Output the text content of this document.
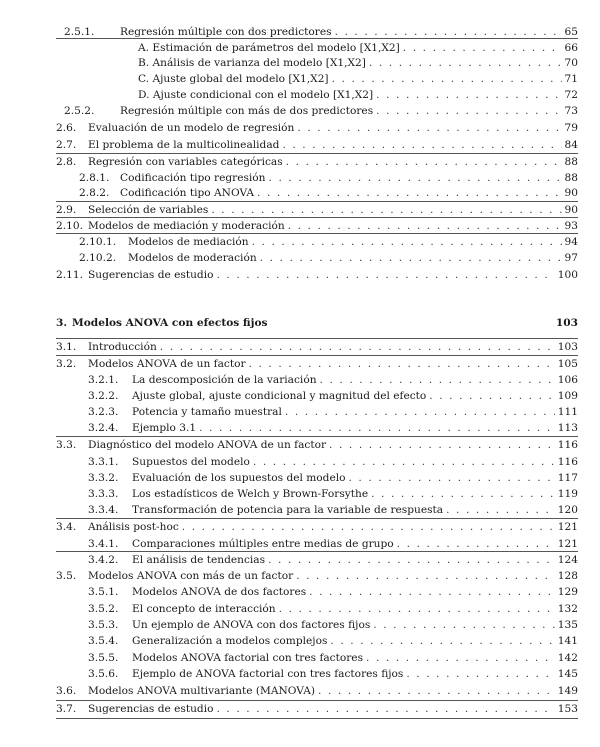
2.5.1.	Regresión múltiple con dos predictores . . .	65
A. Estimación de parámetros del modelo [X1,X2] . . .	66
B. Análisis de varianza del modelo [X1,X2] . . .	70
C. Ajuste global del modelo [X1,X2] . . .	71
D. Ajuste condicional con el modelo [X1,X2] . . .	72
2.5.2.	Regresión múltiple con más de dos predictores . . .	73
2.6.	Evaluación de un modelo de regresión . . .	79
2.7.	El problema de la multicolinealidad . . .	84
2.8.	Regresión con variables categóricas . . .	88
2.8.1.	Codificación tipo regresión . . .	88
2.8.2.	Codificación tipo ANOVA . . .	90
2.9.	Selección de variables . . .	90
2.10. Modelos de mediación y moderación . . .	93
2.10.1.	Modelos de mediación . . .	94
2.10.2.	Modelos de moderación . . .	97
2.11. Sugerencias de estudio . . .	100
3. Modelos ANOVA con efectos fijos	103
3.1.	Introducción . . .	103
3.2.	Modelos ANOVA de un factor . . .	105
3.2.1.	La descomposición de la variación . . .	106
3.2.2.	Ajuste global, ajuste condicional y magnitud del efecto . . .	109
3.2.3.	Potencia y tamaño muestral . . .	111
3.2.4.	Ejemplo 3.1 . . .	113
3.3.	Diagnóstico del modelo ANOVA de un factor . . .	116
3.3.1.	Supuestos del modelo . . .	116
3.3.2.	Evaluación de los supuestos del modelo . . .	117
3.3.3.	Los estadísticos de Welch y Brown-Forsythe . . .	119
3.3.4.	Transformación de potencia para la variable de respuesta . . .	120
3.4.	Análisis post-hoc . . .	121
3.4.1.	Comparaciones múltiples entre medias de grupo . . .	121
3.4.2.	El análisis de tendencias . . .	124
3.5.	Modelos ANOVA con más de un factor . . .	128
3.5.1.	Modelos ANOVA de dos factores . . .	129
3.5.2.	El concepto de interacción . . .	132
3.5.3.	Un ejemplo de ANOVA con dos factores fijos . . .	135
3.5.4.	Generalización a modelos complejos . . .	141
3.5.5.	Modelos ANOVA factorial con tres factores . . .	142
3.5.6.	Ejemplo de ANOVA factorial con tres factores fijos . . .	145
3.6.	Modelos ANOVA multivariante (MANOVA) . . .	149
3.7.	Sugerencias de estudio . . .	153
